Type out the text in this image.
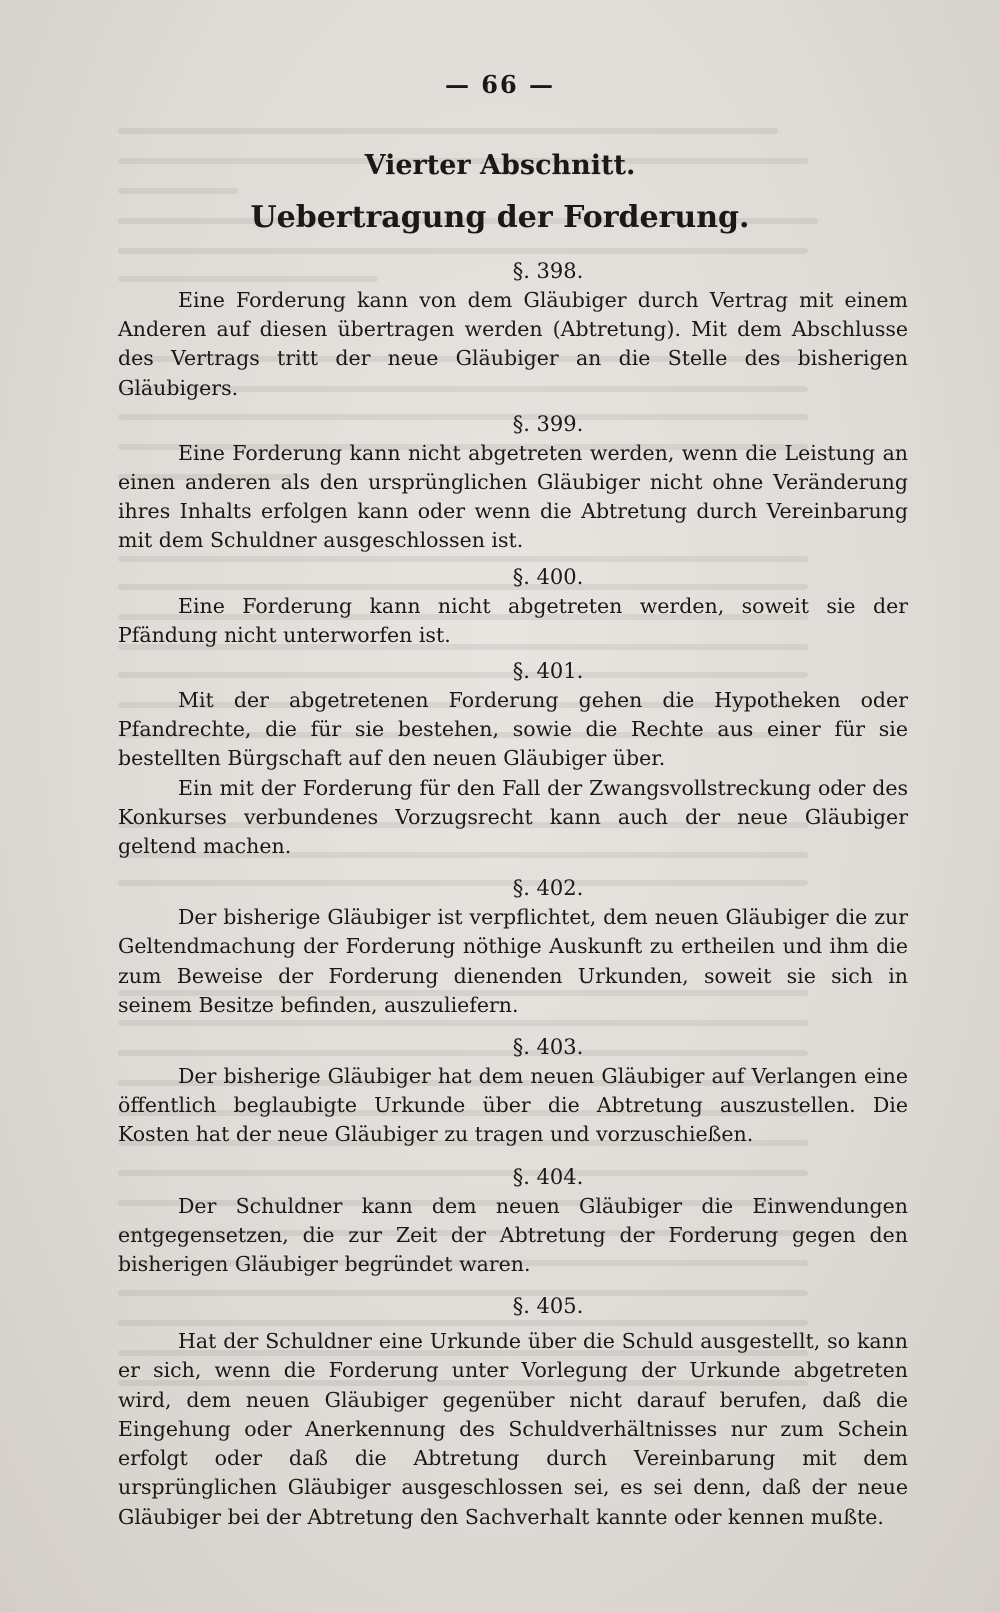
— 66 —
Vierter Abschnitt.
Uebertragung der Forderung.
§. 398.

Eine Forderung kann von dem Gläubiger durch Vertrag mit einem Anderen auf diesen übertragen werden (Abtretung). Mit dem Abschlusse des Vertrags tritt der neue Gläubiger an die Stelle des bisherigen Gläubigers.

§. 399.

Eine Forderung kann nicht abgetreten werden, wenn die Leistung an einen anderen als den ursprünglichen Gläubiger nicht ohne Veränderung ihres Inhalts erfolgen kann oder wenn die Abtretung durch Vereinbarung mit dem Schuldner ausgeschlossen ist.

§. 400.

Eine Forderung kann nicht abgetreten werden, soweit sie der Pfändung nicht unterworfen ist.

§. 401.

Mit der abgetretenen Forderung gehen die Hypotheken oder Pfandrechte, die für sie bestehen, sowie die Rechte aus einer für sie bestellten Bürgschaft auf den neuen Gläubiger über.

Ein mit der Forderung für den Fall der Zwangsvollstreckung oder des Konkurses verbundenes Vorzugsrecht kann auch der neue Gläubiger geltend machen.

§. 402.

Der bisherige Gläubiger ist verpflichtet, dem neuen Gläubiger die zur Geltendmachung der Forderung nöthige Auskunft zu ertheilen und ihm die zum Beweise der Forderung dienenden Urkunden, soweit sie sich in seinem Besitze befinden, auszuliefern.

§. 403.

Der bisherige Gläubiger hat dem neuen Gläubiger auf Verlangen eine öffentlich beglaubigte Urkunde über die Abtretung auszustellen. Die Kosten hat der neue Gläubiger zu tragen und vorzuschießen.

§. 404.

Der Schuldner kann dem neuen Gläubiger die Einwendungen entgegensetzen, die zur Zeit der Abtretung der Forderung gegen den bisherigen Gläubiger begründet waren.

§. 405.

Hat der Schuldner eine Urkunde über die Schuld ausgestellt, so kann er sich, wenn die Forderung unter Vorlegung der Urkunde abgetreten wird, dem neuen Gläubiger gegenüber nicht darauf berufen, daß die Eingehung oder Anerkennung des Schuldverhältnisses nur zum Schein erfolgt oder daß die Abtretung durch Vereinbarung mit dem ursprünglichen Gläubiger ausgeschlossen sei, es sei denn, daß der neue Gläubiger bei der Abtretung den Sachverhalt kannte oder kennen mußte.
